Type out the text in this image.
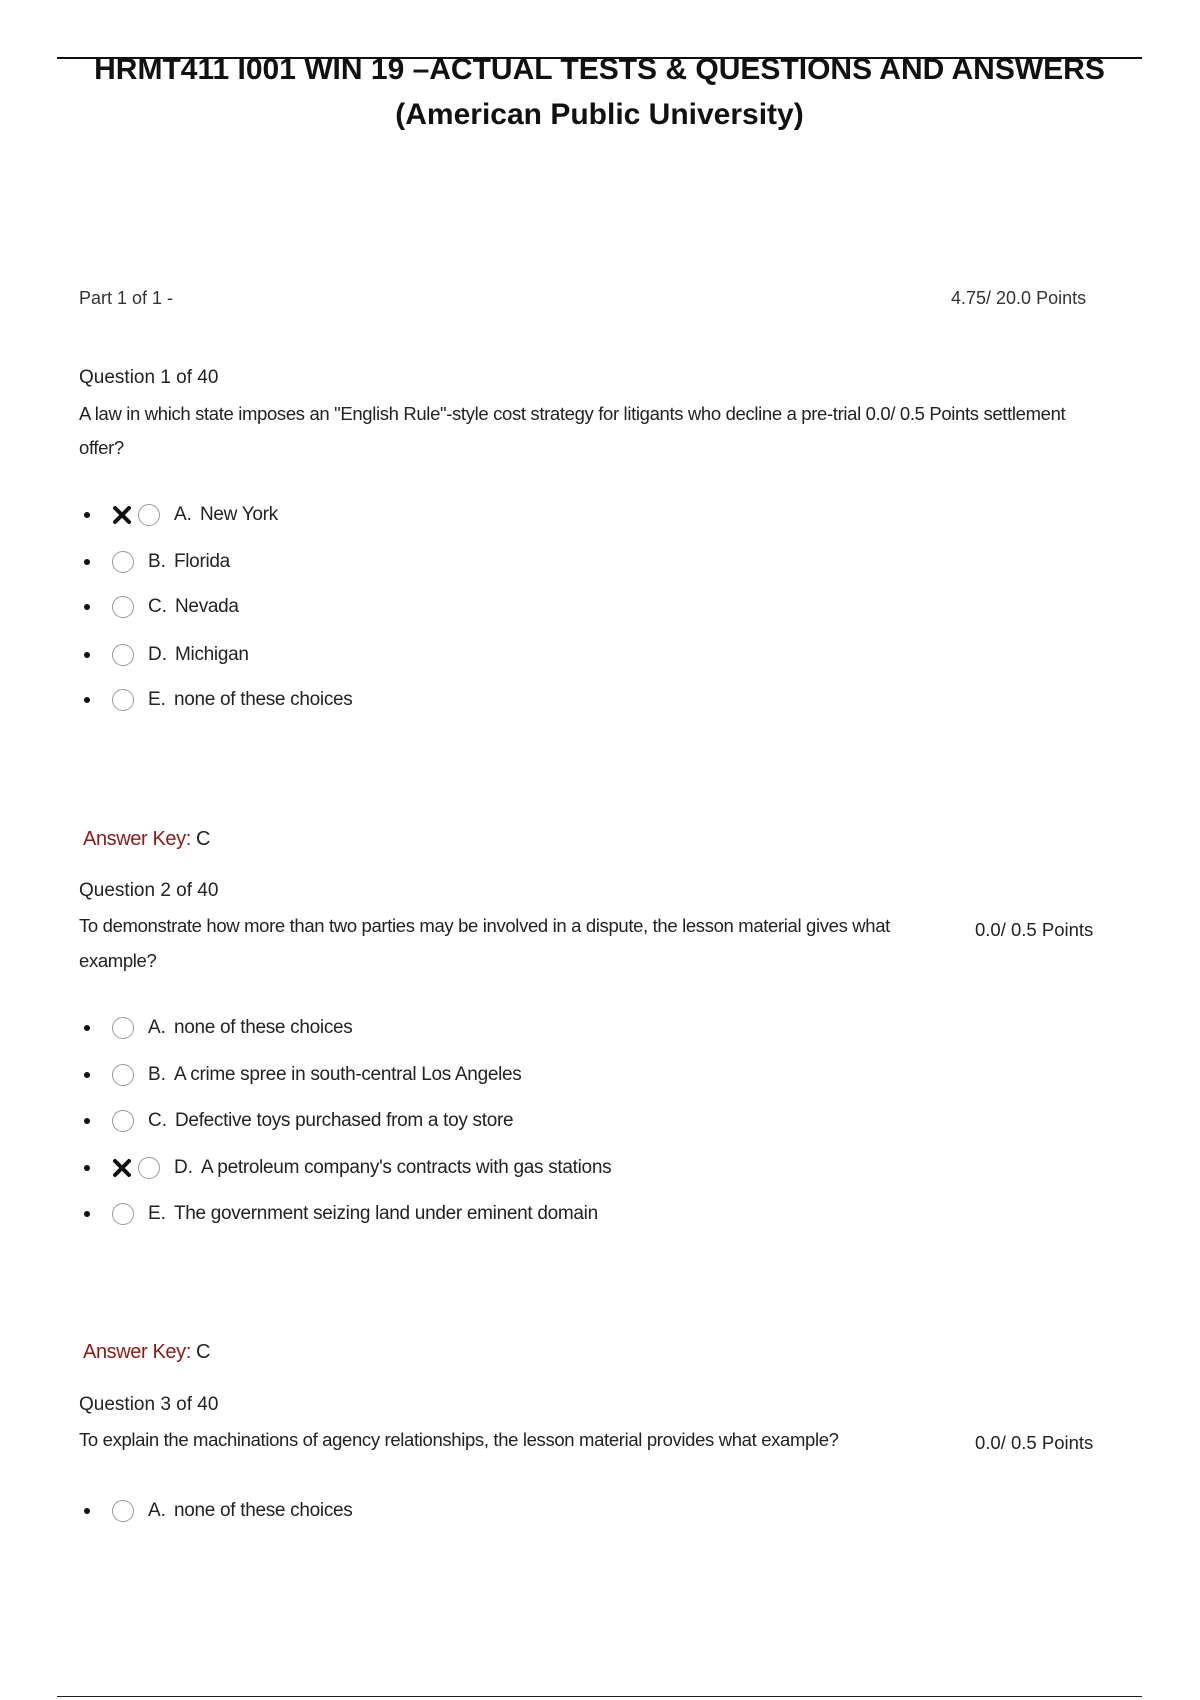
HRMT411 I001 WIN 19 –ACTUAL TESTS & QUESTIONS AND ANSWERS
(American Public University)
Part 1 of 1 -	4.75/ 20.0 Points
Question 1 of 40
A law in which state imposes an "English Rule"-style cost strategy for litigants who decline a pre-trial 0.0/ 0.5 Points settlement
offer?
A. New York
B. Florida
C. Nevada
D. Michigan
E. none of these choices
Answer Key: C
Question 2 of 40
To demonstrate how more than two parties may be involved in a dispute, the lesson material gives what	0.0/ 0.5 Points
example?
A. none of these choices
B. A crime spree in south-central Los Angeles
C. Defective toys purchased from a toy store
D. A petroleum company's contracts with gas stations
E. The government seizing land under eminent domain
Answer Key: C
Question 3 of 40
To explain the machinations of agency relationships, the lesson material provides what example?	0.0/ 0.5 Points
A. none of these choices
